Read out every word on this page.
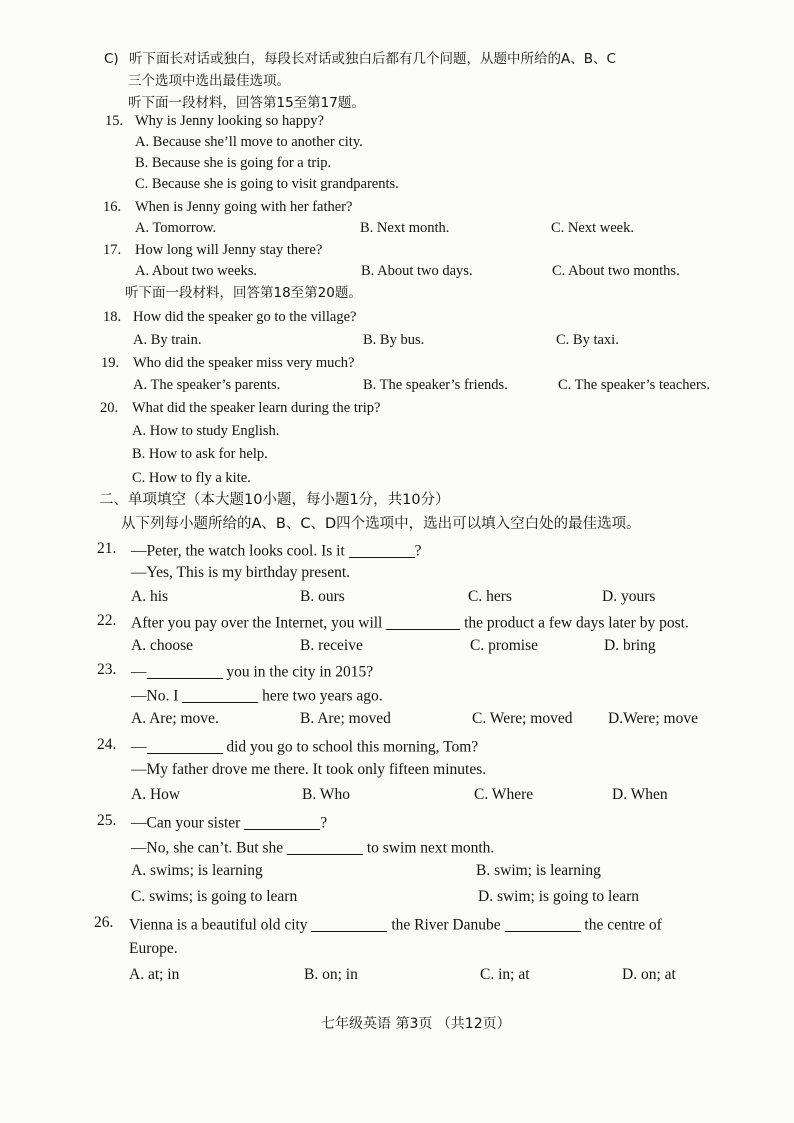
C) 听下面长对话或独白，每段长对话或独白后都有几个问题，从题中所给的A、B、C
三个选项中选出最佳选项。
听下面一段材料，回答第15至第17题。
15. Why is Jenny looking so happy?
A. Because she’ll move to another city.
B. Because she is going for a trip.
C. Because she is going to visit grandparents.
16. When is Jenny going with her father?
A. Tomorrow.	B. Next month.	C. Next week.
17. How long will Jenny stay there?
A. About two weeks.	B. About two days.	C. About two months.
听下面一段材料，回答第18至第20题。
18. How did the speaker go to the village?
A. By train.	B. By bus.	C. By taxi.
19. Who did the speaker miss very much?
A. The speaker’s parents.	B. The speaker’s friends.	C. The speaker’s teachers.
20. What did the speaker learn during the trip?
A. How to study English.
B. How to ask for help.
C. How to fly a kite.
二、单项填空（本大题10小题，每小题1分，共10分）
从下列每小题所给的A、B、C、D四个选项中，选出可以填入空白处的最佳选项。
21. —Peter, the watch looks cool. Is it	?
—Yes, This is my birthday present.
A. his	B. ours	C. hers	D. yours
22. After you pay over the Internet, you will	the product a few days later by post.
A. choose	B. receive	C. promise	D. bring
23. —	you in the city in 2015?
—No. I	here two years ago.
A. Are; move.	B. Are; moved	C. Were; moved D.Were; move
24. —	did you go to school this morning, Tom?
—My father drove me there. It took only fifteen minutes.
A. How	B. Who	C. Where	D. When
25. —Can your sister	?
—No, she can’t. But she	to swim next month.
A. swims; is learning	B. swim; is learning
C. swims; is going to learn	D. swim; is going to learn
26. Vienna is a beautiful old city	the River Danube	the centre of
Europe.
A. at; in	B. on; in	C. in; at	D. on; at
七年级英语 第3页 （共12页）
